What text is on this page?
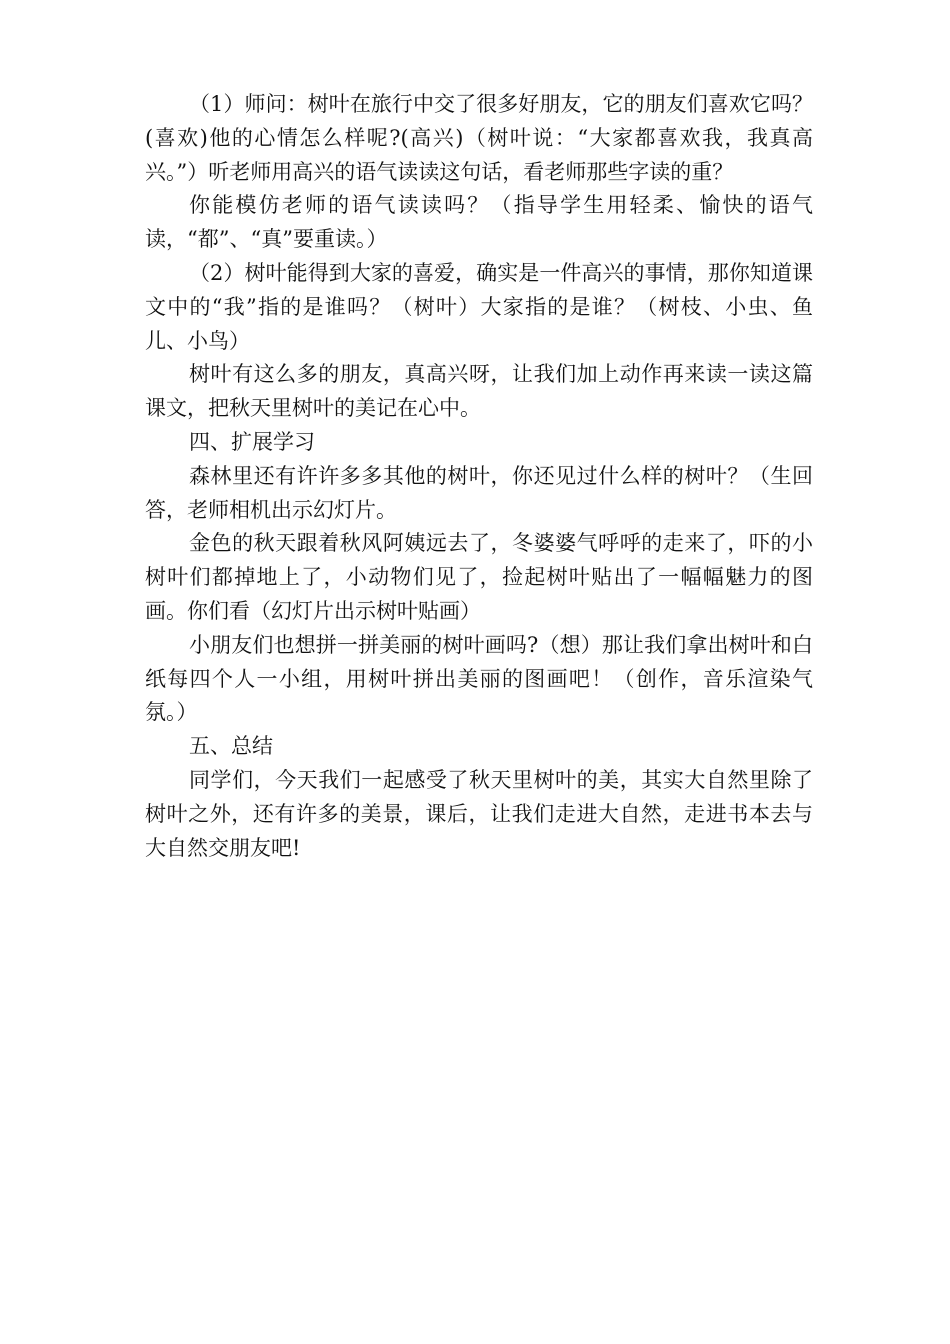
（1）师问：树叶在旅行中交了很多好朋友，它的朋友们喜欢它吗？(喜欢)他的心情怎么样呢?(高兴)（树叶说：“大家都喜欢我，我真高兴。”）听老师用高兴的语气读读这句话，看老师那些字读的重？

你能模仿老师的语气读读吗？（指导学生用轻柔、愉快的语气读，“都”、“真”要重读。）

（2）树叶能得到大家的喜爱，确实是一件高兴的事情，那你知道课文中的“我”指的是谁吗？（树叶）大家指的是谁？（树枝、小虫、鱼儿、小鸟）

树叶有这么多的朋友，真高兴呀，让我们加上动作再来读一读这篇课文，把秋天里树叶的美记在心中。

四、扩展学习

森林里还有许许多多其他的树叶，你还见过什么样的树叶？（生回答，老师相机出示幻灯片。

金色的秋天跟着秋风阿姨远去了，冬婆婆气呼呼的走来了，吓的小树叶们都掉地上了，小动物们见了，捡起树叶贴出了一幅幅魅力的图画。你们看（幻灯片出示树叶贴画）

小朋友们也想拼一拼美丽的树叶画吗?（想）那让我们拿出树叶和白纸每四个人一小组，用树叶拼出美丽的图画吧！（创作，音乐渲染气氛。）

五、总结

同学们，今天我们一起感受了秋天里树叶的美，其实大自然里除了树叶之外，还有许多的美景，课后，让我们走进大自然，走进书本去与大自然交朋友吧!
